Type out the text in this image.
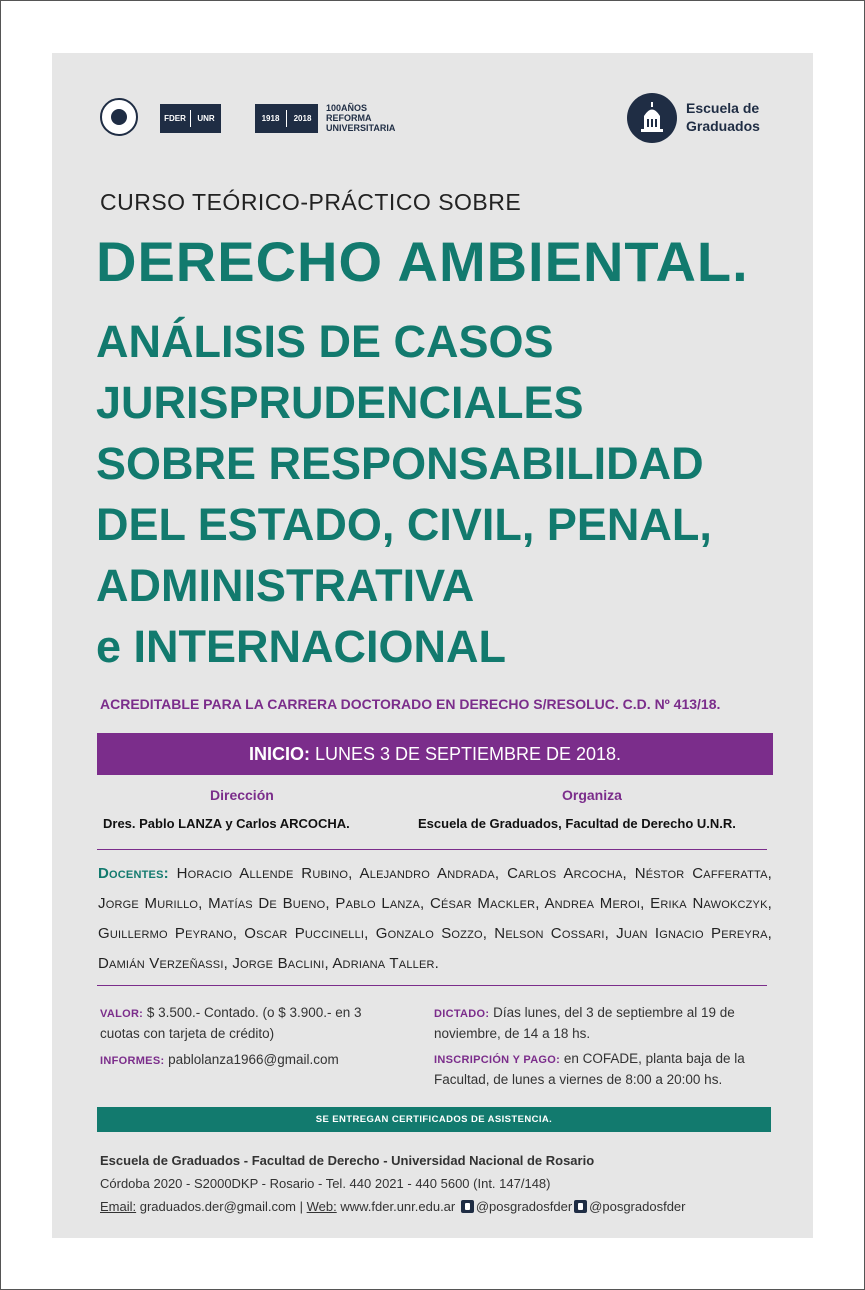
FDER	UNR	1918	2018
100AÑOS
REFORMA
UNIVERSITARIA
Escuela de
Graduados
CURSO TEÓRICO-PRÁCTICO SOBRE
DERECHO AMBIENTAL.
ANÁLISIS DE CASOS
JURISPRUDENCIALES
SOBRE RESPONSABILIDAD
DEL ESTADO, CIVIL, PENAL,
ADMINISTRATIVA
e INTERNACIONAL
ACREDITABLE PARA LA CARRERA DOCTORADO EN DERECHO S/RESOLUC. C.D. Nº 413/18.
INICIO: LUNES 3 DE SEPTIEMBRE DE 2018.
Dirección
Dres. Pablo LANZA y Carlos ARCOCHA.
Organiza
Escuela de Graduados, Facultad de Derecho U.N.R.
Docentes: Horacio Allende Rubino, Alejandro Andrada, Carlos Arcocha, Néstor Cafferatta, Jorge Murillo, Matías De Bueno, Pablo Lanza, César Mackler, Andrea Meroi, Erika Nawokczyk, Guillermo Peyrano, Oscar Puccinelli, Gonzalo Sozzo, Nelson Cossari, Juan Ignacio Pereyra, Damián Verzeñassi, Jorge Baclini, Adriana Taller.
VALOR: $ 3.500.- Contado. (o $ 3.900.- en 3 cuotas con tarjeta de crédito)
INFORMES: pablolanza1966@gmail.com
DICTADO: Días lunes, del 3 de septiembre al 19 de noviembre, de 14 a 18 hs.
INSCRIPCIÓN Y PAGO: en COFADE, planta baja de la Facultad, de lunes a viernes de 8:00 a 20:00 hs.
SE ENTREGAN CERTIFICADOS DE ASISTENCIA.
Escuela de Graduados - Facultad de Derecho - Universidad Nacional de Rosario
Córdoba 2020 - S2000DKP - Rosario - Tel. 440 2021 - 440 5600 (Int. 147/148)
Email: graduados.der@gmail.com | Web: www.fder.unr.edu.ar @posgradosfder @posgradosfder
